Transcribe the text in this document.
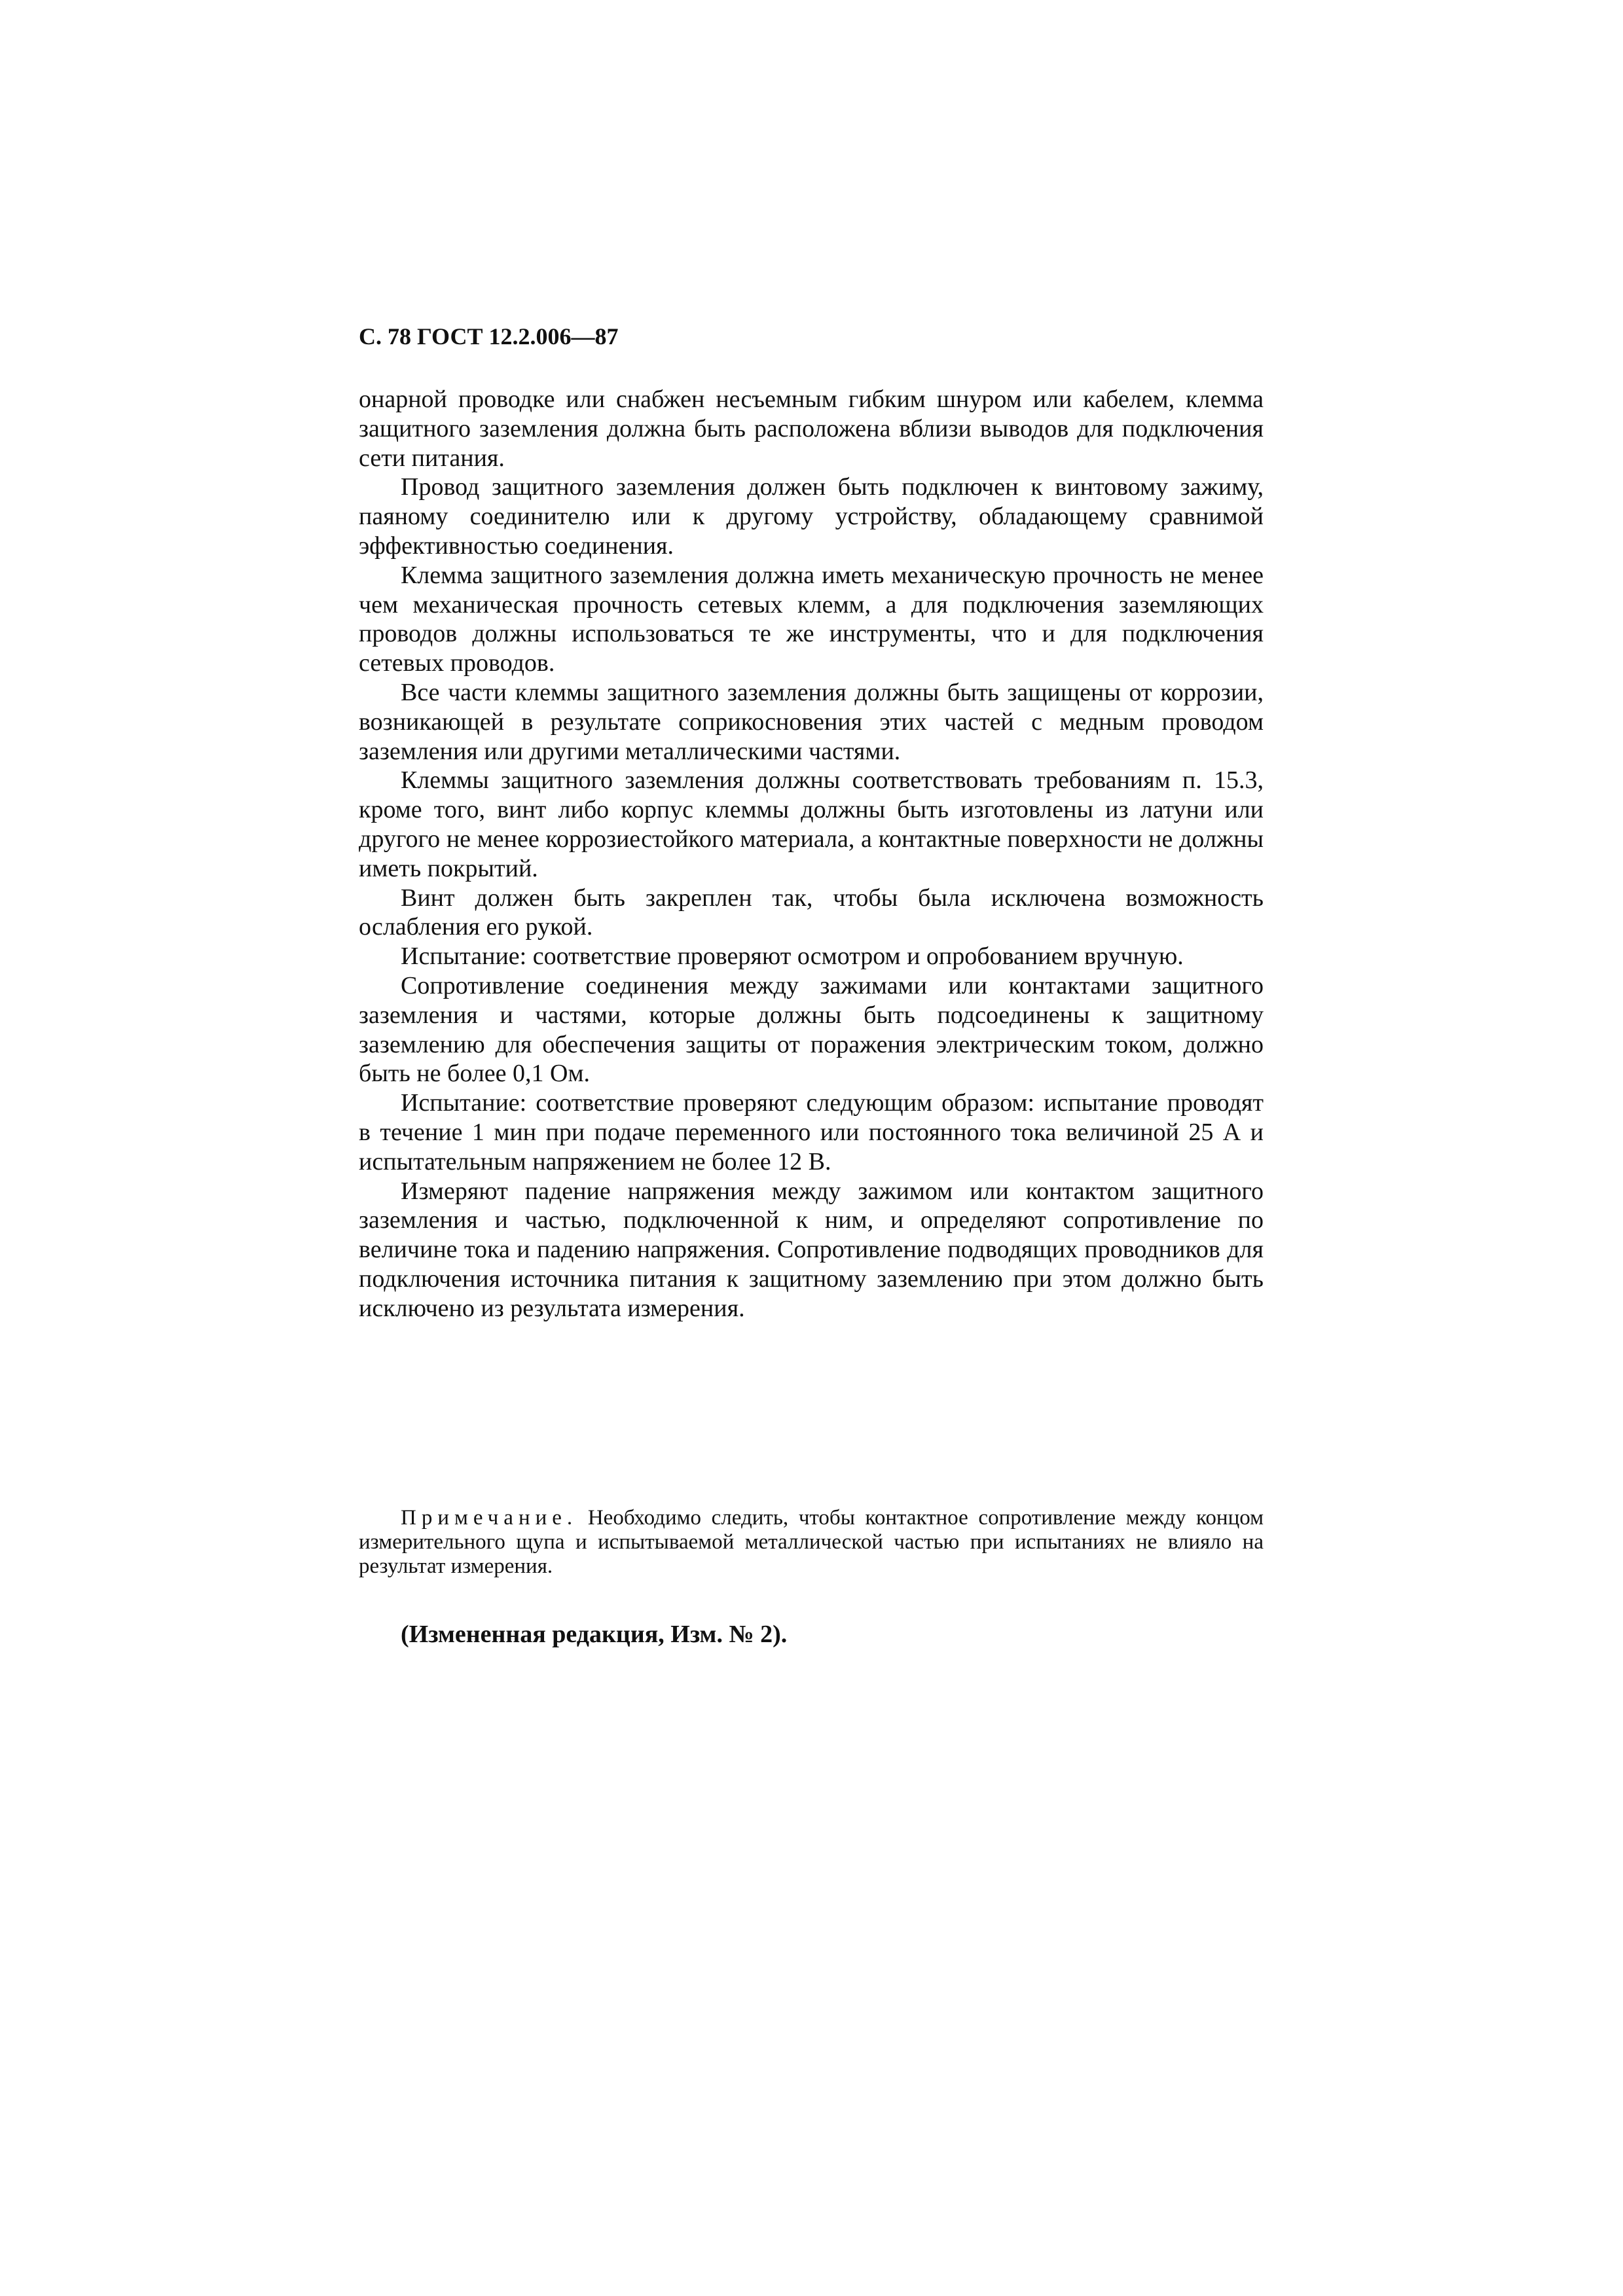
С. 78 ГОСТ 12.2.006—87

онарной проводке или снабжен несъемным гибким шнуром или кабелем, клемма защитного заземления должна быть расположена вблизи выводов для подключения сети питания.

Провод защитного заземления должен быть подключен к винтовому зажиму, паяному соединителю или к другому устройству, обладающему сравнимой эффективностью соединения.

Клемма защитного заземления должна иметь механическую прочность не менее чем механическая прочность сетевых клемм, а для подключения заземляющих проводов должны использоваться те же инструменты, что и для подключения сетевых проводов.

Все части клеммы защитного заземления должны быть защищены от коррозии, возникающей в результате соприкосновения этих частей с медным проводом заземления или другими металлическими частями.

Клеммы защитного заземления должны соответствовать требованиям п. 15.3, кроме того, винт либо корпус клеммы должны быть изготовлены из латуни или другого не менее коррозиестойкого материала, а контактные поверхности не должны иметь покрытий.

Винт должен быть закреплен так, чтобы была исключена возможность ослабления его рукой.

Испытание: соответствие проверяют осмотром и опробованием вручную.

Сопротивление соединения между зажимами или контактами защитного заземления и частями, которые должны быть подсоединены к защитному заземлению для обеспечения защиты от поражения электрическим током, должно быть не более 0,1 Ом.

Испытание: соответствие проверяют следующим образом: испытание проводят в течение 1 мин при подаче переменного или постоянного тока величиной 25 А и испытательным напряжением не более 12 В.

Измеряют падение напряжения между зажимом или контактом защитного заземления и частью, подключенной к ним, и определяют сопротивление по величине тока и падению напряжения. Сопротивление подводящих проводников для подключения источника питания к защитному заземлению при этом должно быть исключено из результата измерения.

Примечание. Необходимо следить, чтобы контактное сопротивление между концом измерительного щупа и испытываемой металлической частью при испытаниях не влияло на результат измерения.

(Измененная редакция, Изм. № 2).
